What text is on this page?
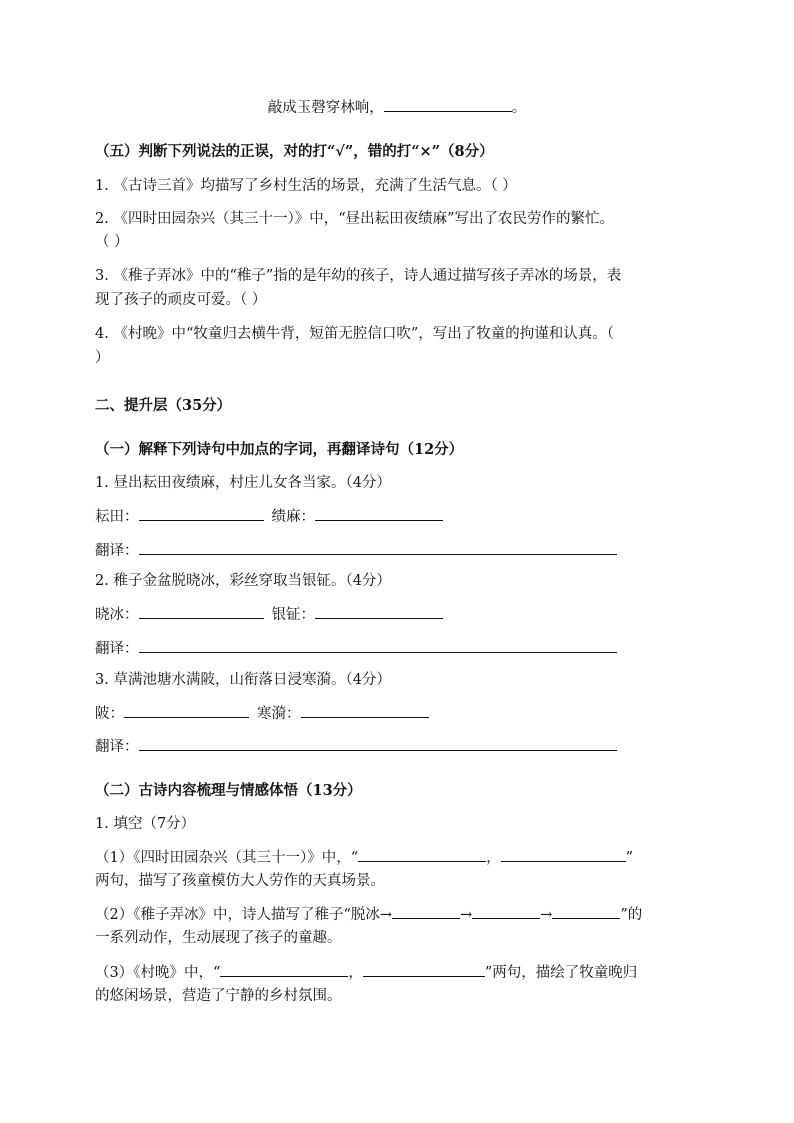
敲成玉磬穿林响，	。
（五）判断下列说法的正误，对的打“√”，错的打“×”（8分）
1. 《古诗三首》均描写了乡村生活的场景，充满了生活气息。（ ）
2. 《四时田园杂兴（其三十一）》中，“昼出耘田夜绩麻”写出了农民劳作的繁忙。
（ ）
3. 《稚子弄冰》中的“稚子”指的是年幼的孩子，诗人通过描写孩子弄冰的场景，表
现了孩子的顽皮可爱。（ ）
4. 《村晚》中“牧童归去横牛背，短笛无腔信口吹”，写出了牧童的拘谨和认真。（
）
二、提升层（35分）
（一）解释下列诗句中加点的字词，再翻译诗句（12分）
1. 昼出耘田夜绩麻，村庄儿女各当家。（4分）
耘田：	绩麻：
翻译：
2. 稚子金盆脱晓冰，彩丝穿取当银钲。（4分）
晓冰：	银钲：
翻译：
3. 草满池塘水满陂，山衔落日浸寒漪。（4分）
陂：	寒漪：
翻译：
（二）古诗内容梳理与情感体悟（13分）
1. 填空（7分）
（1）《四时田园杂兴（其三十一）》中，“	，	”
两句，描写了孩童模仿大人劳作的天真场景。
（2）《稚子弄冰》中，诗人描写了稚子“脱冰→	→	→	”的
一系列动作，生动展现了孩子的童趣。
（3）《村晚》中，“	，	”两句，描绘了牧童晚归
的悠闲场景，营造了宁静的乡村氛围。
